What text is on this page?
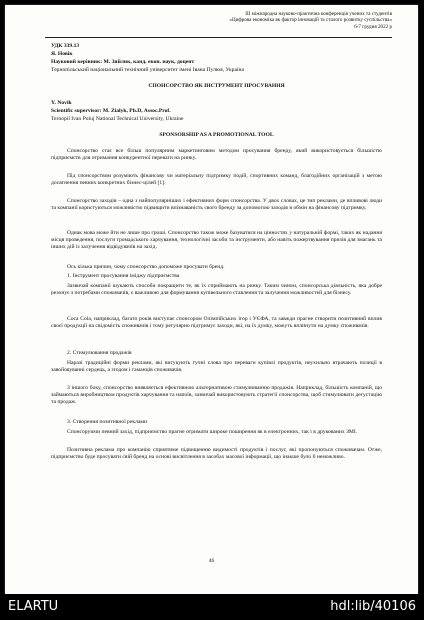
ІІІ міжнародна науково-практична конференція учених та студентів
«Цифрова економіка як фактор інновацій та сталого розвитку суспільства»
6-7 грудня 2022 р

УДК 339.13

Я. Новік

Науковий керівник: М. Зяйлик, канд. екон. наук, доцент

Тернопільський національний технічний університет імені Івана Пулюя, Україна

СПОНСОРСТВО ЯК ІНСТРУМЕНТ ПРОСУВАННЯ

Y. Novik

Scientific supervisor: M. Zialyk, Ph.D, Assoc.Prof.

Ternopil Ivan Puluj National Technical University, Ukraine

SPONSORSHIP AS A PROMOTIONAL TOOL

Спонсорство стає все більш популярним маркетинговим методом просування бренду, який використовується більшістю підприємств для отримання конкурентної переваги на ринку.

Під спонсорством розуміють фінансову чи матеріальну підтримку подій, спортивних команд, благодійних організацій з метою досягнення певних конкретних бізнес-цілей [1].

Спонсорство заходів – одна з найпопулярніших і ефективних форм спонсорства. У двох словах, це тип реклами, де впливові люди та компанії користуються можливістю підвищити впізнаваність свого бренду за допомогою заходів в обмін на фінансову підтримку.

Однак мова може йти не лише про гроші. Спонсорство також може базуватися на цінностях у натуральній формі, таких як надання місця проведення, послуги громадського харчування, технологічні засоби та інструменти, або навіть пожертвування призів для змагань та інших дій із залучення відвідувачів на захід.

Ось кілька причин, чому спонсорство допоможе просувати бренд.

1. Інструмент просування іміджу підприємства

Зазвичай компанії шукають способи покращити те, як їх сприймають на ринку. Таким чином, спонсорська діяльність, яка добре резонує з потребами споживачів, є важливою для формування купівельного ставлення та залучення можливостей для бізнесу.

Coca Cola, наприклад, багато років виступає спонсором Олімпійських ігор і УЄФА, та завжди прагне створити позитивний вплив своєї продукції на свідомість споживачів і тому регулярно підтримує заходи, які, на їх думку, можуть вплинути на думку споживачів.

2. Стимулювання продажів

Наразі традиційні форми реклами, які вигукують гучні слова про переваги купівлі продуктів, неухильно втрачають позиції в завойовуванні сердець, а згодом і гаманців споживачів.

З іншого боку, спонсорство виявляється ефективною альтернативою стимулюванню продажів. Наприклад, більшість компаній, що займаються виробництвом продуктів харчування та напоїв, зазвичай використовують стратегії спонсорства, щоб стимулювати дегустацію та продаж.

3. Створення позитивної реклами

Спонсоруючи певний захід, підприємство прагне отримати широке поширення як в електронних, так і в друкованих ЗМІ.

Позитивна реклама про компанію сприятиме підвищенню видимості продуктів і послуг, які пропонуються споживачам. Отже, підприємство буде просувати свій бренд на основі висвітлення в засобах масової інформації, що інакше було б неможливо.

46
ELARTU	hdl:lib/40106
